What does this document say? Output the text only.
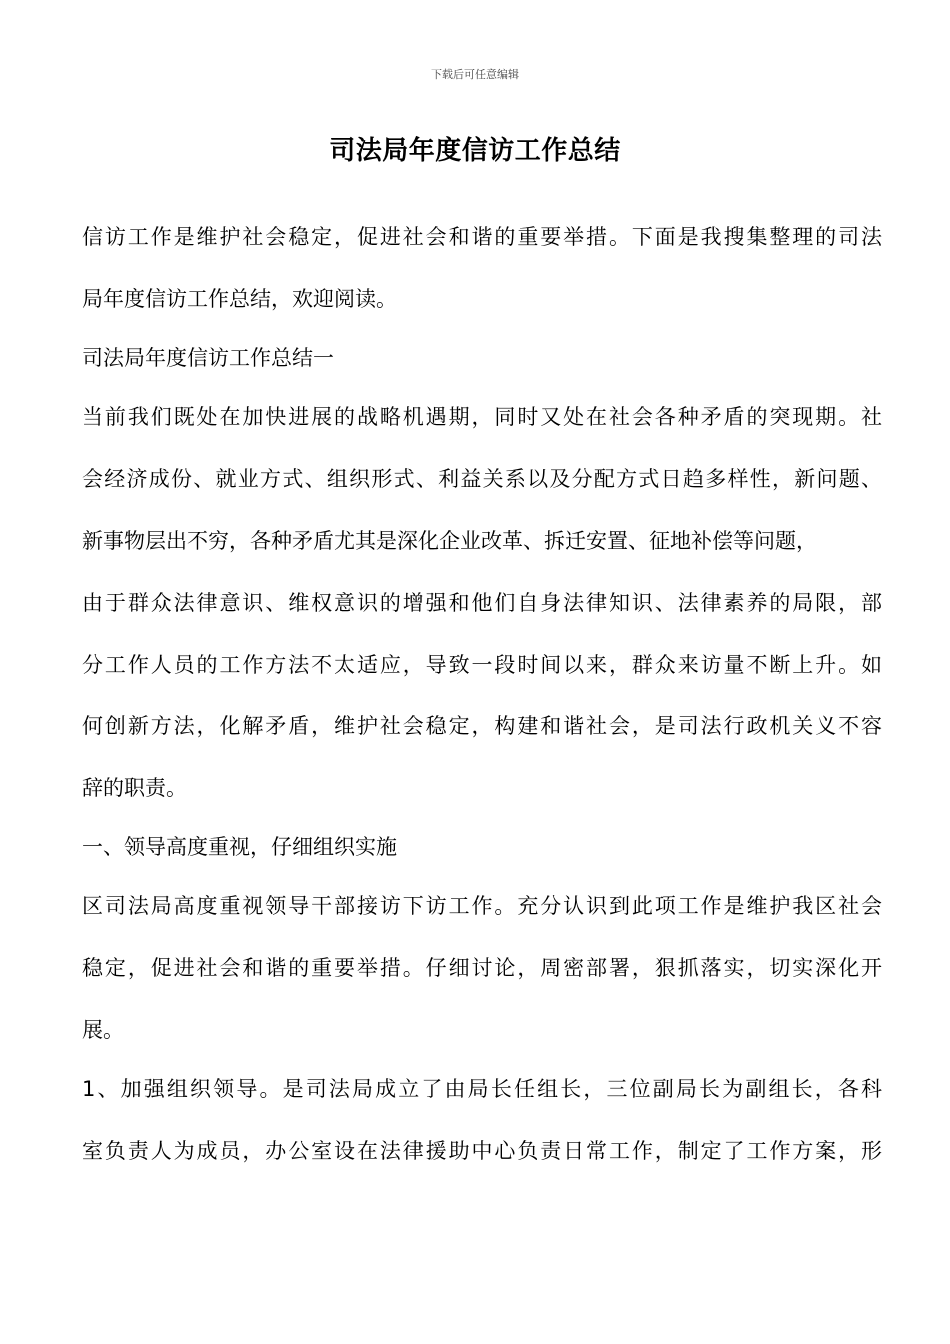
下载后可任意编辑
司法局年度信访工作总结

信访工作是维护社会稳定，促进社会和谐的重要举措。下面是我搜集整理的司法

局年度信访工作总结，欢迎阅读。

司法局年度信访工作总结一

当前我们既处在加快进展的战略机遇期，同时又处在社会各种矛盾的突现期。社

会经济成份、就业方式、组织形式、利益关系以及分配方式日趋多样性，新问题、

新事物层出不穷，各种矛盾尤其是深化企业改革、拆迁安置、征地补偿等问题，

由于群众法律意识、维权意识的增强和他们自身法律知识、法律素养的局限，部

分工作人员的工作方法不太适应，导致一段时间以来，群众来访量不断上升。如

何创新方法，化解矛盾，维护社会稳定，构建和谐社会，是司法行政机关义不容

辞的职责。

一、领导高度重视，仔细组织实施

区司法局高度重视领导干部接访下访工作。充分认识到此项工作是维护我区社会

稳定，促进社会和谐的重要举措。仔细讨论，周密部署，狠抓落实，切实深化开

展。

1、加强组织领导。是司法局成立了由局长任组长，三位副局长为副组长，各科

室负责人为成员，办公室设在法律援助中心负责日常工作，制定了工作方案，形
